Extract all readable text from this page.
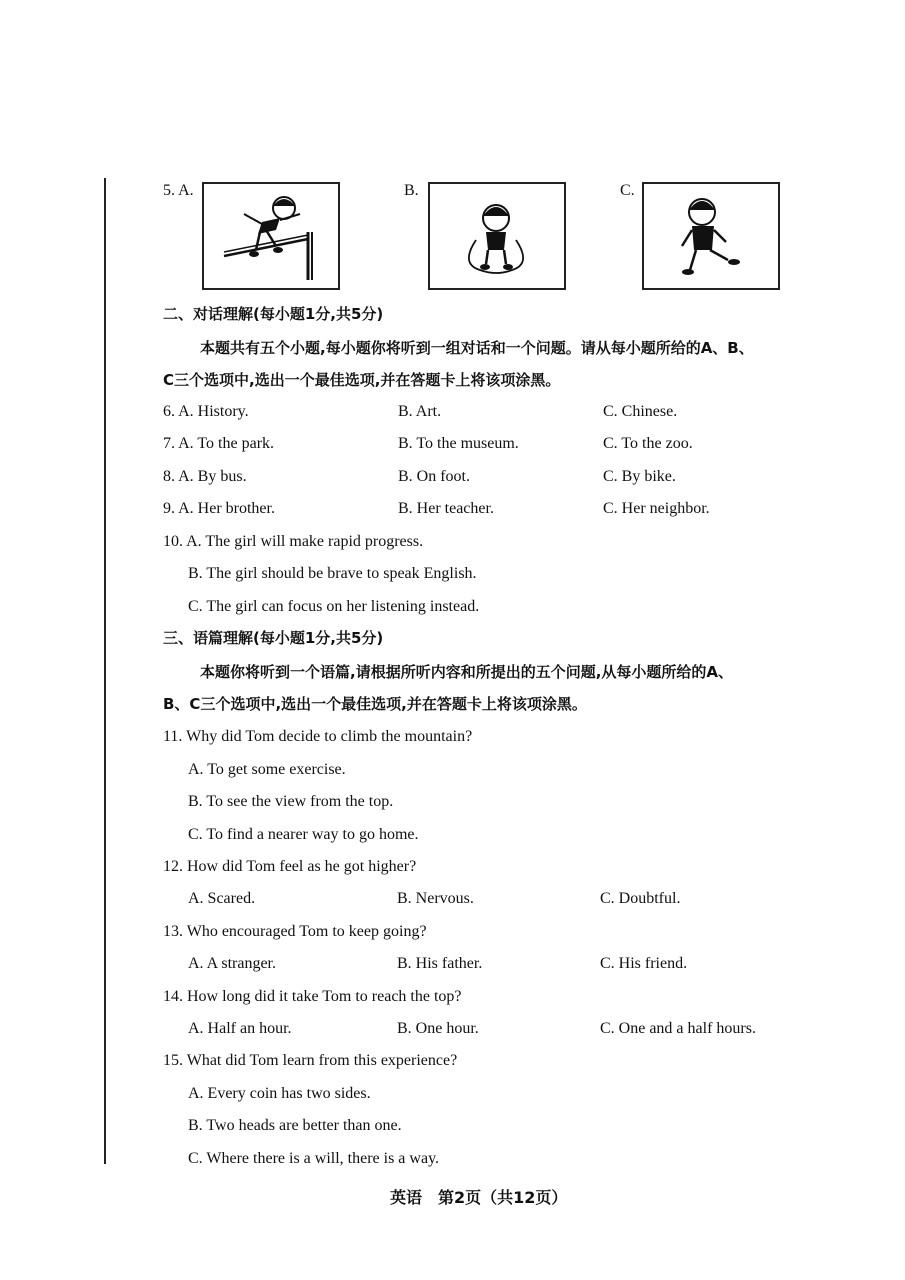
5. A.	B.	C.
二、对话理解(每小题1分,共5分)
本题共有五个小题,每小题你将听到一组对话和一个问题。请从每小题所给的A、B、
C三个选项中,选出一个最佳选项,并在答题卡上将该项涂黑。
6. A. History.	B. Art.	C. Chinese.
7. A. To the park.	B. To the museum.	C. To the zoo.
8. A. By bus.	B. On foot.	C. By bike.
9. A. Her brother.	B. Her teacher.	C. Her neighbor.
10. A. The girl will make rapid progress.
B. The girl should be brave to speak English.
C. The girl can focus on her listening instead.
三、语篇理解(每小题1分,共5分)
本题你将听到一个语篇,请根据所听内容和所提出的五个问题,从每小题所给的A、
B、C三个选项中,选出一个最佳选项,并在答题卡上将该项涂黑。
11. Why did Tom decide to climb the mountain?
A. To get some exercise.
B. To see the view from the top.
C. To find a nearer way to go home.
12. How did Tom feel as he got higher?
A. Scared.	B. Nervous.	C. Doubtful.
13. Who encouraged Tom to keep going?
A. A stranger.	B. His father.	C. His friend.
14. How long did it take Tom to reach the top?
A. Half an hour.	B. One hour.	C. One and a half hours.
15. What did Tom learn from this experience?
A. Every coin has two sides.
B. Two heads are better than one.
C. Where there is a will, there is a way.
英语　第2页（共12页）
